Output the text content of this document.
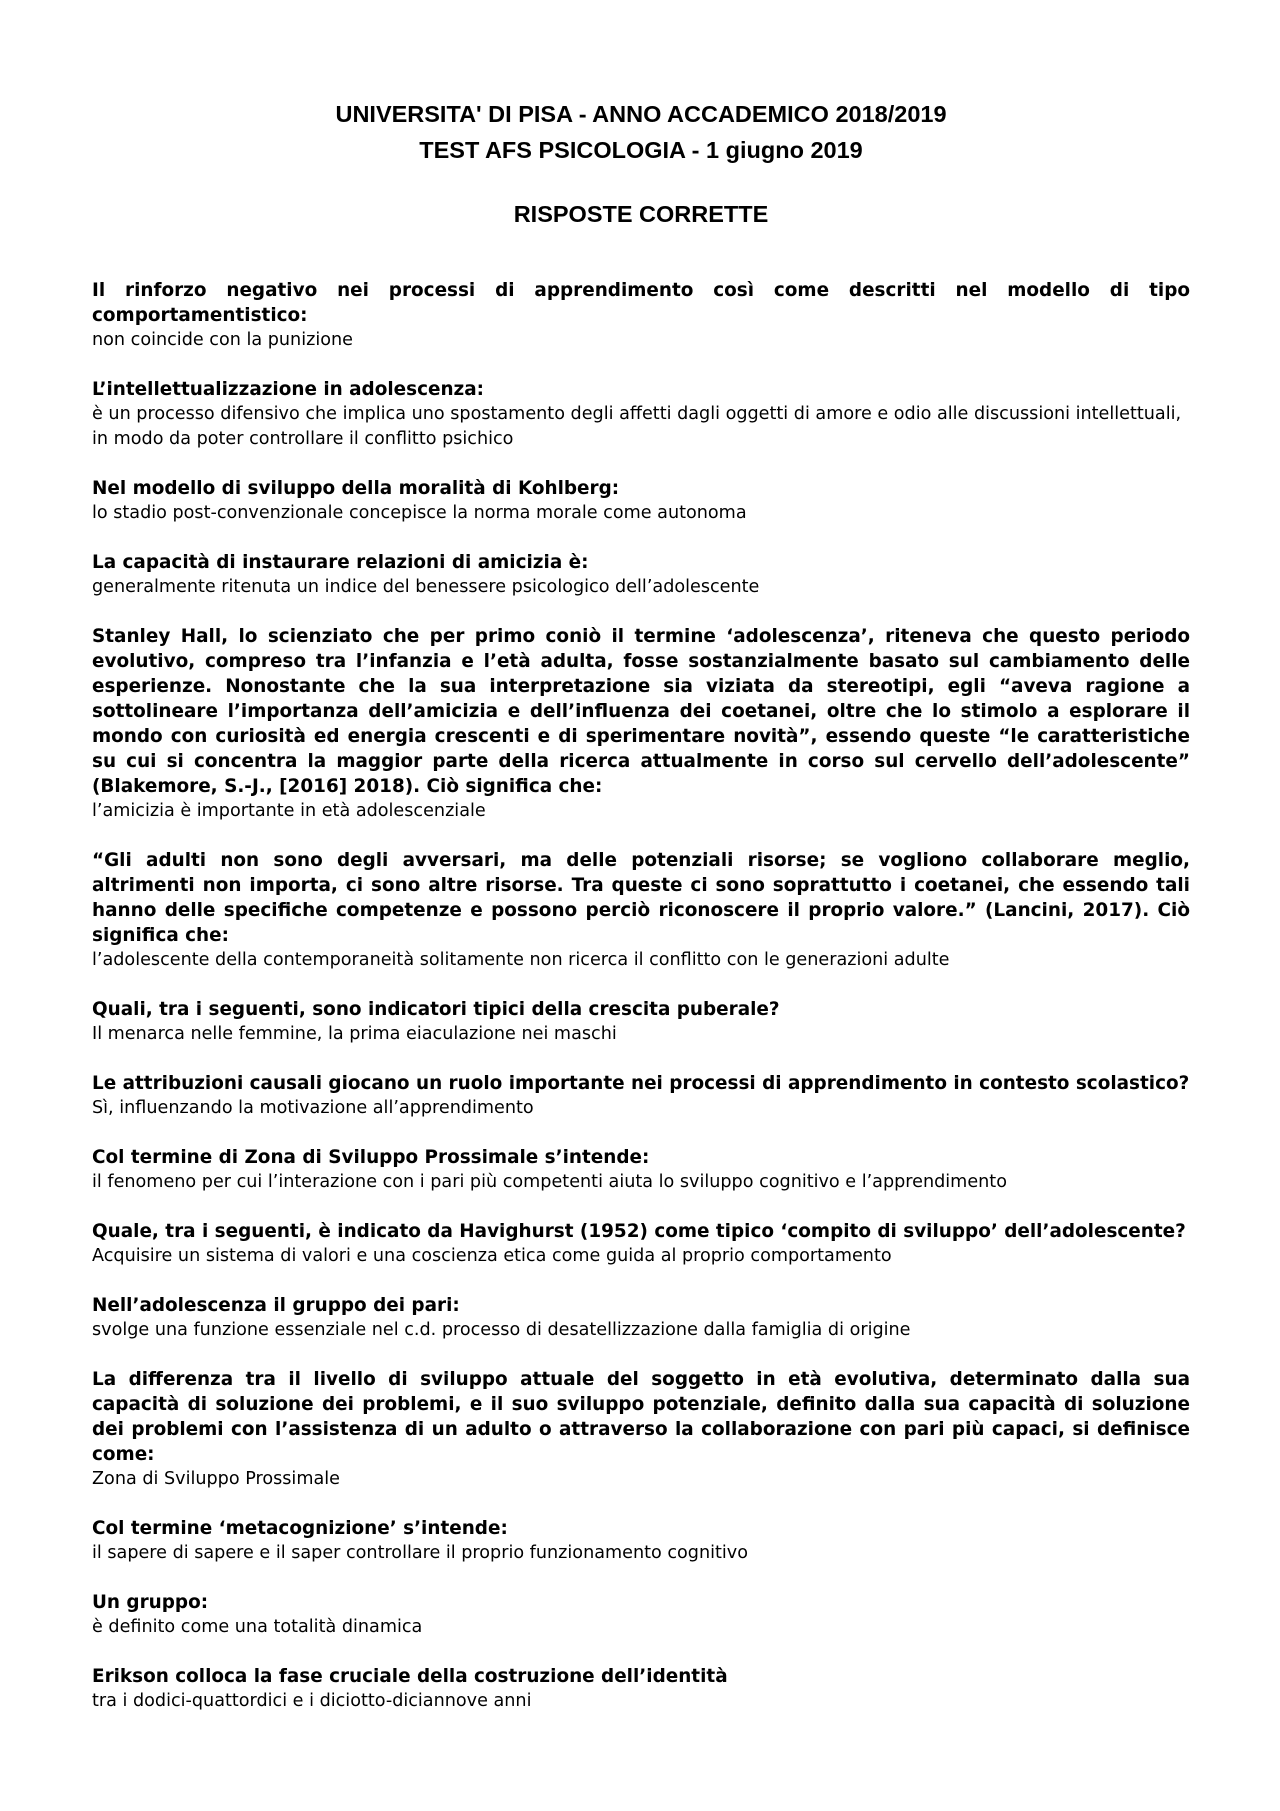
UNIVERSITA' DI PISA - ANNO ACCADEMICO 2018/2019
TEST AFS PSICOLOGIA - 1 giugno 2019
RISPOSTE CORRETTE

Il rinforzo negativo nei processi di apprendimento così come descritti nel modello di tipo comportamentistico:

non coincide con la punizione

L’intellettualizzazione in adolescenza:

è un processo difensivo che implica uno spostamento degli affetti dagli oggetti di amore e odio alle discussioni intellettuali, in modo da poter controllare il conflitto psichico

Nel modello di sviluppo della moralità di Kohlberg:

lo stadio post-convenzionale concepisce la norma morale come autonoma

La capacità di instaurare relazioni di amicizia è:

generalmente ritenuta un indice del benessere psicologico dell’adolescente

Stanley Hall, lo scienziato che per primo coniò il termine ‘adolescenza’, riteneva che questo periodo evolutivo, compreso tra l’infanzia e l’età adulta, fosse sostanzialmente basato sul cambiamento delle esperienze. Nonostante che la sua interpretazione sia viziata da stereotipi, egli “aveva ragione a sottolineare l’importanza dell’amicizia e dell’influenza dei coetanei, oltre che lo stimolo a esplorare il mondo con curiosità ed energia crescenti e di sperimentare novità”, essendo queste “le caratteristiche su cui si concentra la maggior parte della ricerca attualmente in corso sul cervello dell’adolescente” (Blakemore, S.-J., [2016] 2018). Ciò significa che:

l’amicizia è importante in età adolescenziale

“Gli adulti non sono degli avversari, ma delle potenziali risorse; se vogliono collaborare meglio, altrimenti non importa, ci sono altre risorse. Tra queste ci sono soprattutto i coetanei, che essendo tali hanno delle specifiche competenze e possono perciò riconoscere il proprio valore.” (Lancini, 2017). Ciò significa che:

l’adolescente della contemporaneità solitamente non ricerca il conflitto con le generazioni adulte

Quali, tra i seguenti, sono indicatori tipici della crescita puberale?

Il menarca nelle femmine, la prima eiaculazione nei maschi

Le attribuzioni causali giocano un ruolo importante nei processi di apprendimento in contesto scolastico?

Sì, influenzando la motivazione all’apprendimento

Col termine di Zona di Sviluppo Prossimale s’intende:

il fenomeno per cui l’interazione con i pari più competenti aiuta lo sviluppo cognitivo e l’apprendimento

Quale, tra i seguenti, è indicato da Havighurst (1952) come tipico ‘compito di sviluppo’ dell’adolescente?

Acquisire un sistema di valori e una coscienza etica come guida al proprio comportamento

Nell’adolescenza il gruppo dei pari:

svolge una funzione essenziale nel c.d. processo di desatellizzazione dalla famiglia di origine

La differenza tra il livello di sviluppo attuale del soggetto in età evolutiva, determinato dalla sua capacità di soluzione dei problemi, e il suo sviluppo potenziale, definito dalla sua capacità di soluzione dei problemi con l’assistenza di un adulto o attraverso la collaborazione con pari più capaci, si definisce come:

Zona di Sviluppo Prossimale

Col termine ‘metacognizione’ s’intende:

il sapere di sapere e il saper controllare il proprio funzionamento cognitivo

Un gruppo:

è definito come una totalità dinamica

Erikson colloca la fase cruciale della costruzione dell’identità

tra i dodici-quattordici e i diciotto-diciannove anni
